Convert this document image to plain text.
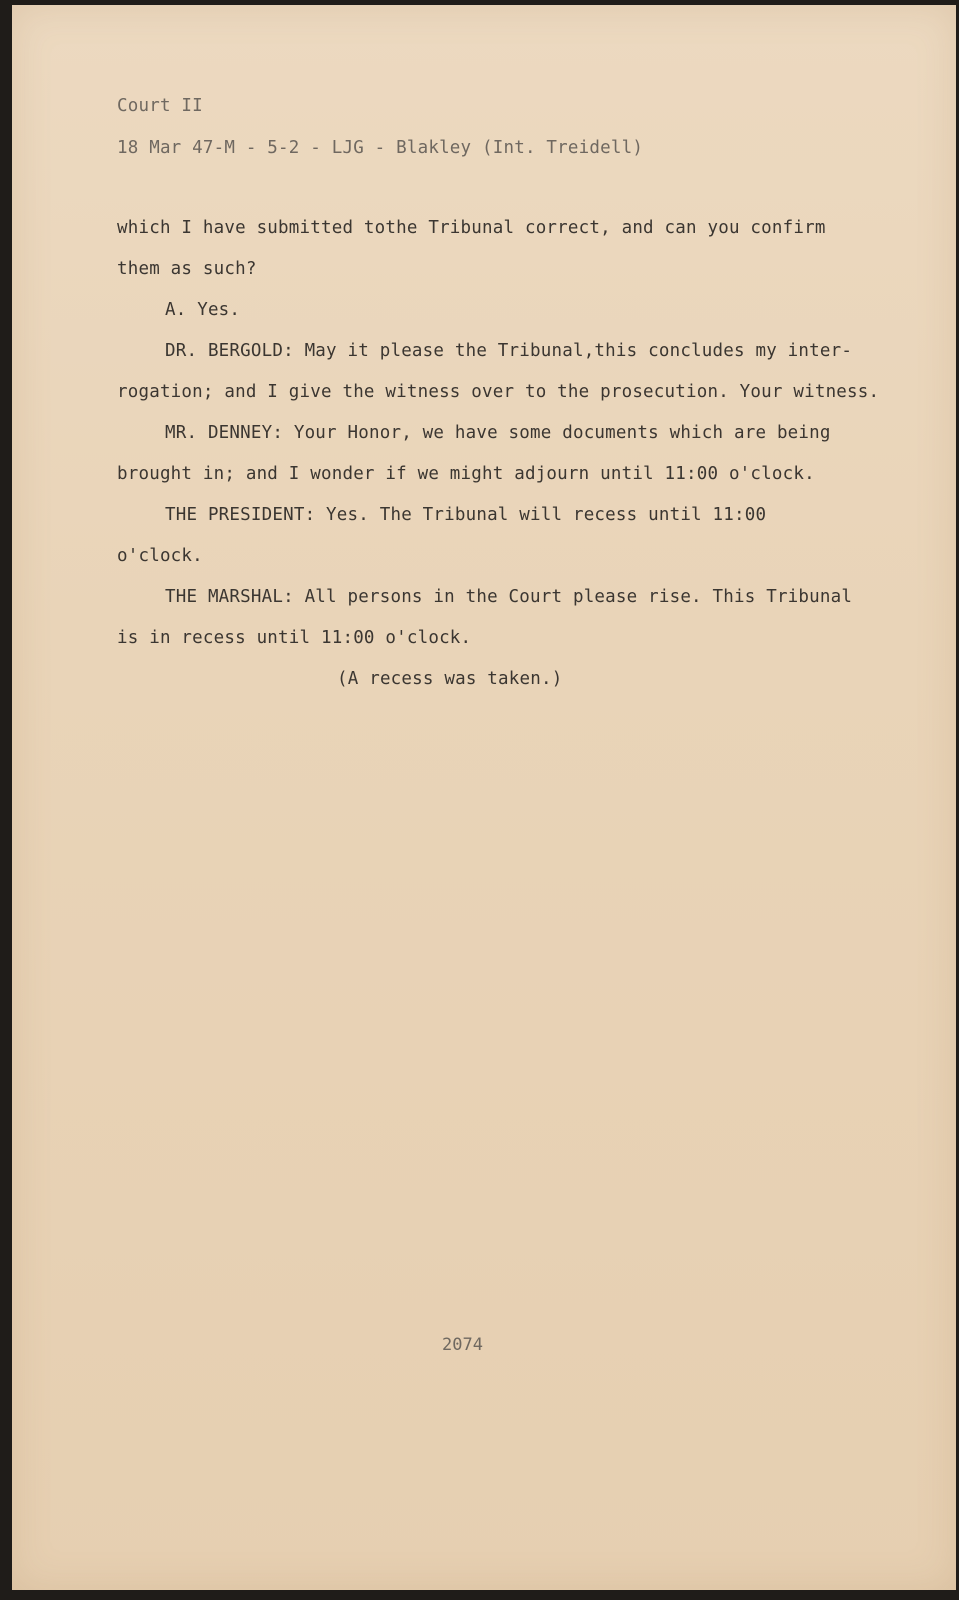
Court II

18 Mar 47-M - 5-2 - LJG - Blakley (Int. Treidell)

which I have submitted tothe Tribunal correct, and can you confirm

them as such?

A. Yes.

DR. BERGOLD: May it please the Tribunal,this concludes my inter-

rogation; and I give the witness over to the prosecution. Your witness.

MR. DENNEY: Your Honor, we have some documents which are being

brought in; and I wonder if we might adjourn until 11:00 o'clock.

THE PRESIDENT: Yes. The Tribunal will recess until 11:00

o'clock.

THE MARSHAL: All persons in the Court please rise. This Tribunal

is in recess until 11:00 o'clock.

(A recess was taken.)

2074
